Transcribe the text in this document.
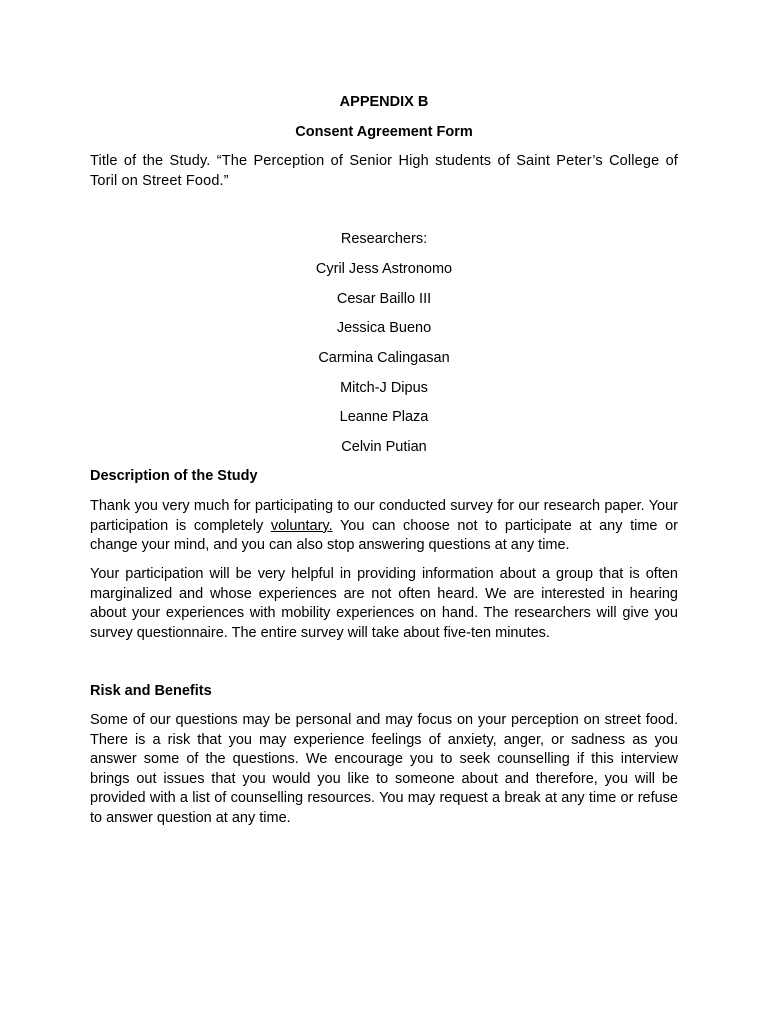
APPENDIX B
Consent Agreement Form
Title of the Study. “The Perception of Senior High students of Saint Peter’s College of Toril on Street Food.”
Researchers:
Cyril Jess Astronomo
Cesar Baillo III
Jessica Bueno
Carmina Calingasan
Mitch-J Dipus
Leanne Plaza
Celvin Putian
Description of the Study
Thank you very much for participating to our conducted survey for our research paper. Your participation is completely voluntary. You can choose not to participate at any time or change your mind, and you can also stop answering questions at any time.
Your participation will be very helpful in providing information about a group that is often marginalized and whose experiences are not often heard. We are interested in hearing about your experiences with mobility experiences on hand. The researchers will give you survey questionnaire. The entire survey will take about five-ten minutes.
Risk and Benefits
Some of our questions may be personal and may focus on your perception on street food. There is a risk that you may experience feelings of anxiety, anger, or sadness as you answer some of the questions. We encourage you to seek counselling if this interview brings out issues that you would you like to someone about and therefore, you will be provided with a list of counselling resources. You may request a break at any time or refuse to answer question at any time.
